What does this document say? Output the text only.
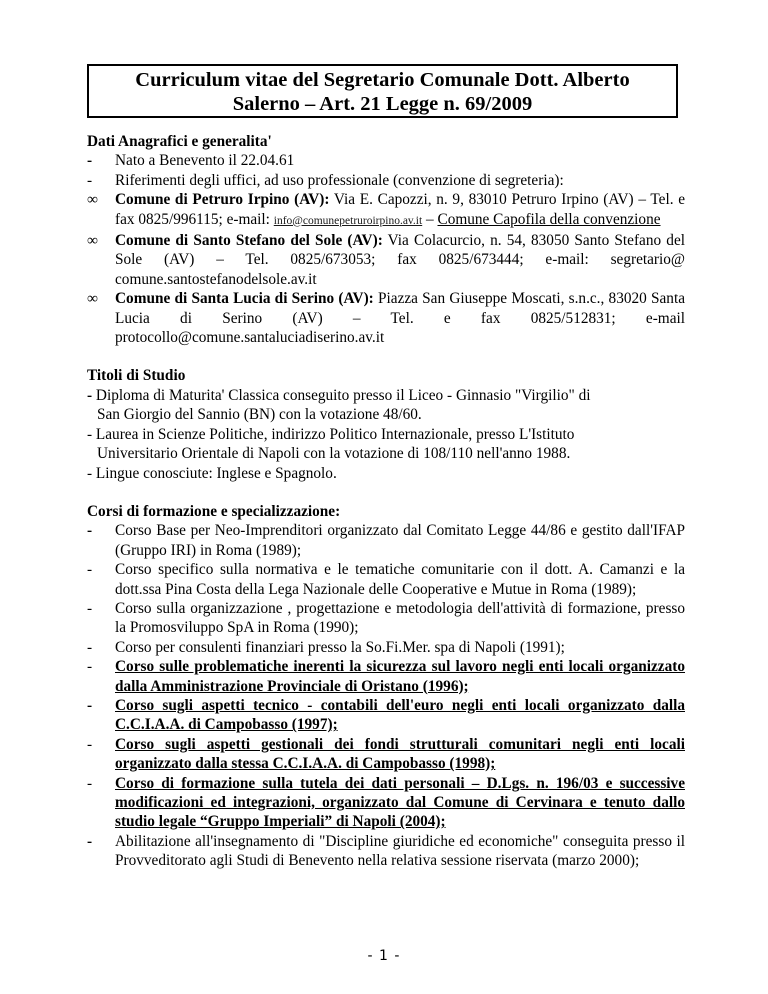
Curriculum vitae del Segretario Comunale Dott. Alberto
Salerno – Art. 21 Legge n. 69/2009

Dati Anagrafici e generalita'

-	Nato a Benevento il 22.04.61
-	Riferimenti degli uffici, ad uso professionale (convenzione di segreteria):
∞	Comune di Petruro Irpino (AV): Via E. Capozzi, n. 9, 83010 Petruro Irpino (AV) – Tel. e fax 0825/996115; e-mail: info@comunepetruroirpino.av.it – Comune Capofila della convenzione
∞	Comune di Santo Stefano del Sole (AV): Via Colacurcio, n. 54, 83050 Santo Stefano del Sole (AV) – Tel. 0825/673053; fax 0825/673444; e-mail: segretario@ comune.santostefanodelsole.av.it
∞	Comune di Santa Lucia di Serino (AV): Piazza San Giuseppe Moscati, s.n.c., 83020 Santa Lucia di Serino (AV) – Tel. e fax 0825/512831; e-mail protocollo@comune.santaluciadiserino.av.it

Titoli di Studio

- Diploma di Maturita' Classica conseguito presso il Liceo - Ginnasio "Virgilio" di

San Giorgio del Sannio (BN) con la votazione 48/60.

- Laurea in Scienze Politiche, indirizzo Politico Internazionale, presso L'Istituto

Universitario Orientale di Napoli con la votazione di 108/110 nell'anno 1988.

- Lingue conosciute: Inglese e Spagnolo.

Corsi di formazione e specializzazione:

-	Corso Base per Neo-Imprenditori organizzato dal Comitato Legge 44/86 e gestito dall'IFAP (Gruppo IRI) in Roma (1989);
-	Corso specifico sulla normativa e le tematiche comunitarie con il dott. A. Camanzi e la dott.ssa Pina Costa della Lega Nazionale delle Cooperative e Mutue in Roma (1989);
-	Corso sulla organizzazione , progettazione e metodologia dell'attività di formazione, presso la Promosviluppo SpA in Roma (1990);
-	Corso per consulenti finanziari presso la So.Fi.Mer. spa di Napoli (1991);
-	Corso sulle problematiche inerenti la sicurezza sul lavoro negli enti locali organizzato dalla Amministrazione Provinciale di Oristano (1996);
-	Corso sugli aspetti tecnico - contabili dell'euro negli enti locali organizzato dalla C.C.I.A.A. di Campobasso (1997);
-	Corso sugli aspetti gestionali dei fondi strutturali comunitari negli enti locali organizzato dalla stessa C.C.I.A.A. di Campobasso (1998);
-	Corso di formazione sulla tutela dei dati personali – D.Lgs. n. 196/03 e successive modificazioni ed integrazioni, organizzato dal Comune di Cervinara e tenuto dallo studio legale “Gruppo Imperiali” di Napoli (2004);
-	Abilitazione all'insegnamento di "Discipline giuridiche ed economiche" conseguita presso il Provveditorato agli Studi di Benevento nella relativa sessione riservata (marzo 2000);
- 1 -
